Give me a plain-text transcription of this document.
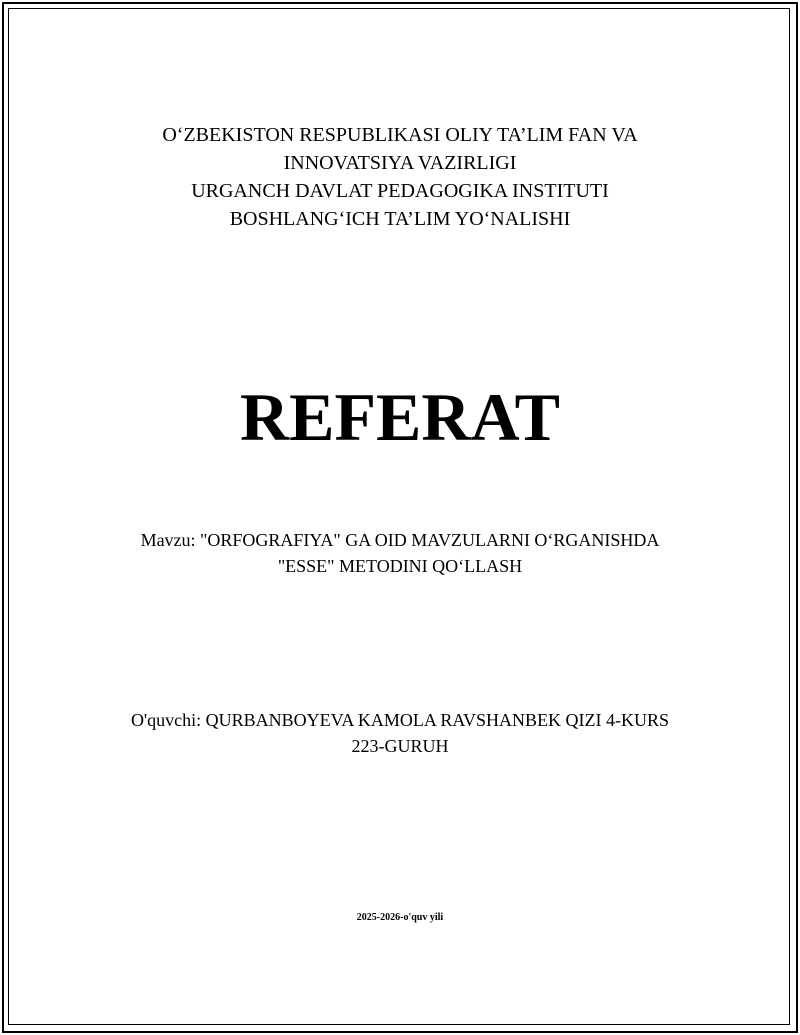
O‘ZBEKISTON RESPUBLIKASI OLIY TA’LIM FAN VA
INNOVATSIYA VAZIRLIGI
URGANCH DAVLAT PEDAGOGIKA INSTITUTI
BOSHLANG‘ICH TA’LIM YO‘NALISHI
REFERAT
Mavzu: "ORFOGRAFIYA" GA OID MAVZULARNI O‘RGANISHDA
"ESSE" METODINI QO‘LLASH
O'quvchi: QURBANBOYEVA KAMOLA RAVSHANBEK QIZI 4-KURS
223-GURUH
2025-2026-o'quv yili
